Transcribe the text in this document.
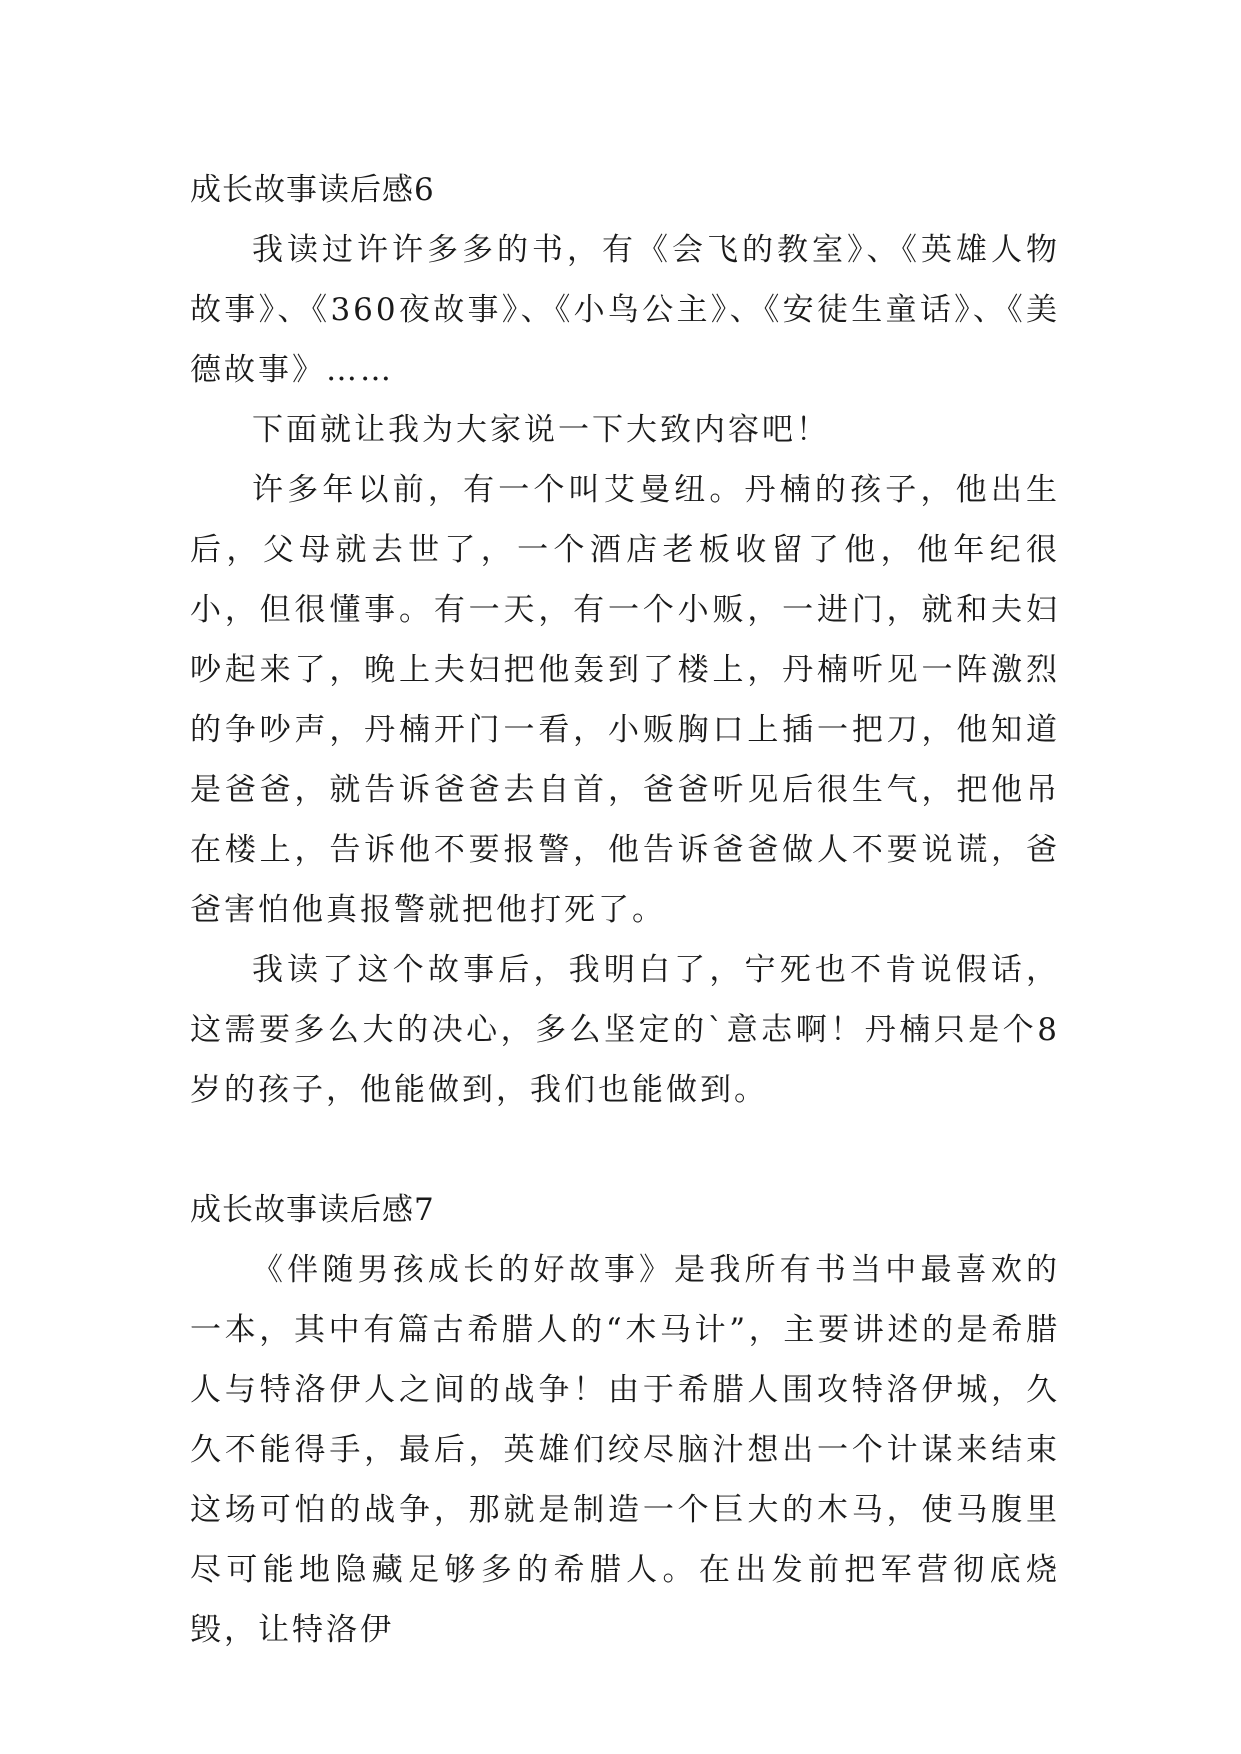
成长故事读后感6

我读过许许多多的书，有《会飞的教室》、《英雄人物故事》、《360夜故事》、《小鸟公主》、《安徒生童话》、《美德故事》……

下面就让我为大家说一下大致内容吧！

许多年以前，有一个叫艾曼纽。丹楠的孩子，他出生后，父母就去世了，一个酒店老板收留了他，他年纪很小，但很懂事。有一天，有一个小贩，一进门，就和夫妇吵起来了，晚上夫妇把他轰到了楼上，丹楠听见一阵激烈的争吵声，丹楠开门一看，小贩胸口上插一把刀，他知道是爸爸，就告诉爸爸去自首，爸爸听见后很生气，把他吊在楼上，告诉他不要报警，他告诉爸爸做人不要说谎，爸爸害怕他真报警就把他打死了。

我读了这个故事后，我明白了，宁死也不肯说假话，这需要多么大的决心，多么坚定的`意志啊！丹楠只是个8岁的孩子，他能做到，我们也能做到。

成长故事读后感7

《伴随男孩成长的好故事》是我所有书当中最喜欢的一本，其中有篇古希腊人的“木马计”，主要讲述的是希腊人与特洛伊人之间的战争！由于希腊人围攻特洛伊城，久久不能得手，最后，英雄们绞尽脑汁想出一个计谋来结束这场可怕的战争，那就是制造一个巨大的木马，使马腹里尽可能地隐藏足够多的希腊人。在出发前把军营彻底烧毁，让特洛伊
